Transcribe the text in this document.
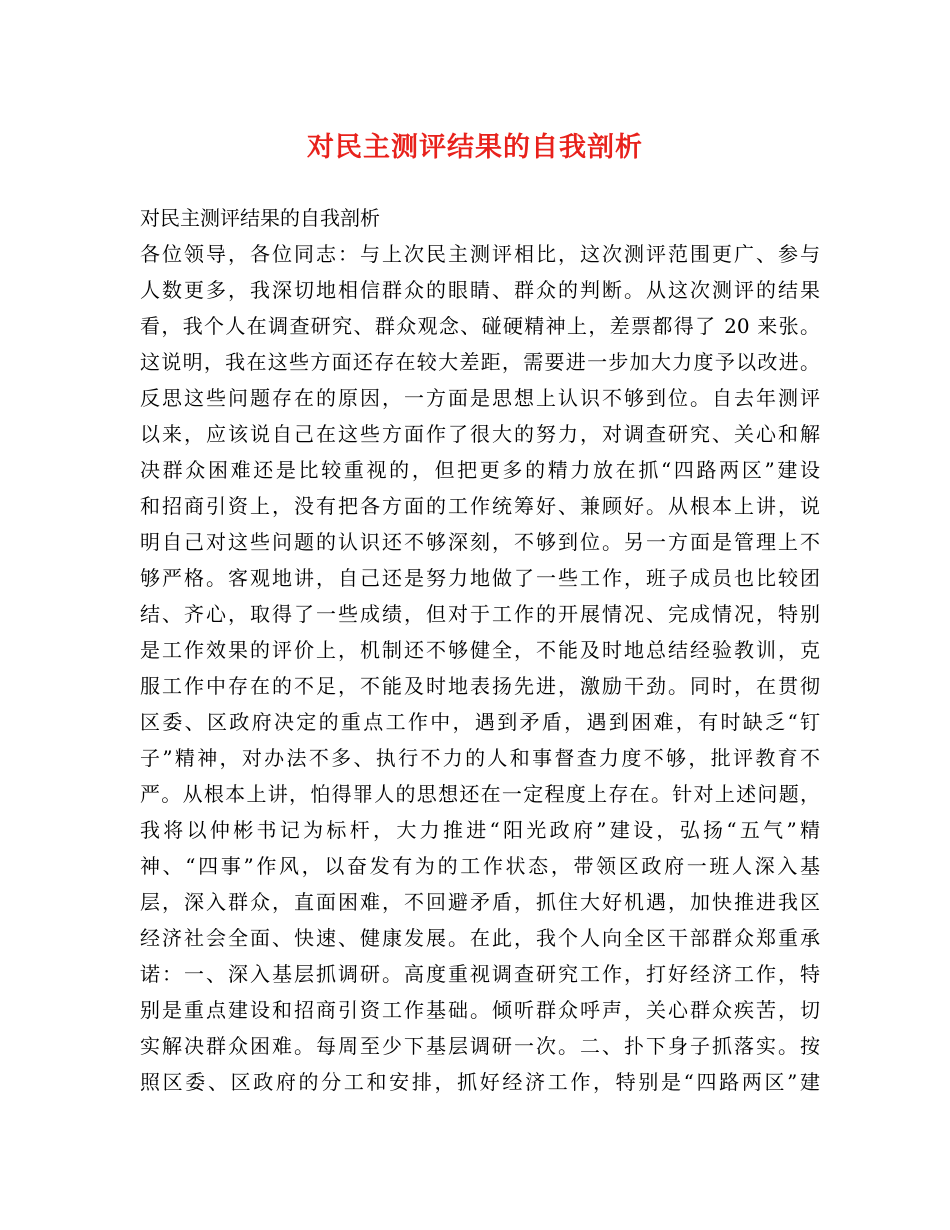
对民主测评结果的自我剖析
对民主测评结果的自我剖析
各位领导，各位同志：与上次民主测评相比，这次测评范围更广、参与
人数更多，我深切地相信群众的眼睛、群众的判断。从这次测评的结果
看，我个人在调查研究、群众观念、碰硬精神上，差票都得了 20 来张。
这说明，我在这些方面还存在较大差距，需要进一步加大力度予以改进。
反思这些问题存在的原因，一方面是思想上认识不够到位。自去年测评
以来，应该说自己在这些方面作了很大的努力，对调查研究、关心和解
决群众困难还是比较重视的，但把更多的精力放在抓“四路两区”建设
和招商引资上，没有把各方面的工作统筹好、兼顾好。从根本上讲，说
明自己对这些问题的认识还不够深刻，不够到位。另一方面是管理上不
够严格。客观地讲，自己还是努力地做了一些工作，班子成员也比较团
结、齐心，取得了一些成绩，但对于工作的开展情况、完成情况，特别
是工作效果的评价上，机制还不够健全，不能及时地总结经验教训，克
服工作中存在的不足，不能及时地表扬先进，激励干劲。同时，在贯彻
区委、区政府决定的重点工作中，遇到矛盾，遇到困难，有时缺乏“钉
子”精神，对办法不多、执行不力的人和事督查力度不够，批评教育不
严。从根本上讲，怕得罪人的思想还在一定程度上存在。针对上述问题，
我将以仲彬书记为标杆，大力推进“阳光政府”建设，弘扬“五气”精
神、“四事”作风，以奋发有为的工作状态，带领区政府一班人深入基
层，深入群众，直面困难，不回避矛盾，抓住大好机遇，加快推进我区
经济社会全面、快速、健康发展。在此，我个人向全区干部群众郑重承
诺：一、深入基层抓调研。高度重视调查研究工作，打好经济工作，特
别是重点建设和招商引资工作基础。倾听群众呼声，关心群众疾苦，切
实解决群众困难。每周至少下基层调研一次。二、扑下身子抓落实。按
照区委、区政府的分工和安排，抓好经济工作，特别是“四路两区”建
